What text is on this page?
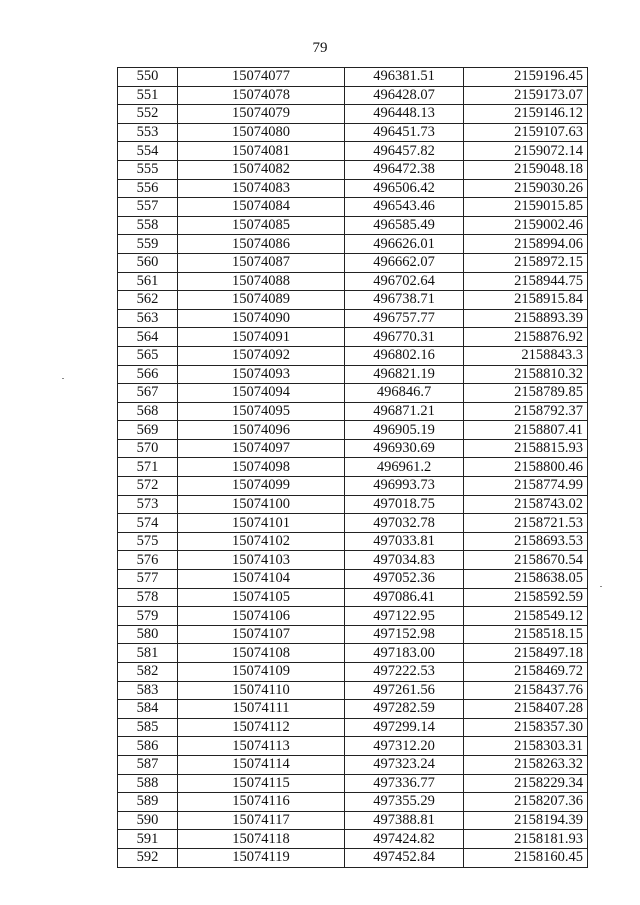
79
550	15074077	496381.51	2159196.45
551	15074078	496428.07	2159173.07
552	15074079	496448.13	2159146.12
553	15074080	496451.73	2159107.63
554	15074081	496457.82	2159072.14
555	15074082	496472.38	2159048.18
556	15074083	496506.42	2159030.26
557	15074084	496543.46	2159015.85
558	15074085	496585.49	2159002.46
559	15074086	496626.01	2158994.06
560	15074087	496662.07	2158972.15
561	15074088	496702.64	2158944.75
562	15074089	496738.71	2158915.84
563	15074090	496757.77	2158893.39
564	15074091	496770.31	2158876.92
565	15074092	496802.16	2158843.3
566	15074093	496821.19	2158810.32
567	15074094	496846.7	2158789.85
568	15074095	496871.21	2158792.37
569	15074096	496905.19	2158807.41
570	15074097	496930.69	2158815.93
571	15074098	496961.2	2158800.46
572	15074099	496993.73	2158774.99
573	15074100	497018.75	2158743.02
574	15074101	497032.78	2158721.53
575	15074102	497033.81	2158693.53
576	15074103	497034.83	2158670.54
577	15074104	497052.36	2158638.05
578	15074105	497086.41	2158592.59
579	15074106	497122.95	2158549.12
580	15074107	497152.98	2158518.15
581	15074108	497183.00	2158497.18
582	15074109	497222.53	2158469.72
583	15074110	497261.56	2158437.76
584	15074111	497282.59	2158407.28
585	15074112	497299.14	2158357.30
586	15074113	497312.20	2158303.31
587	15074114	497323.24	2158263.32
588	15074115	497336.77	2158229.34
589	15074116	497355.29	2158207.36
590	15074117	497388.81	2158194.39
591	15074118	497424.82	2158181.93
592	15074119	497452.84	2158160.45
